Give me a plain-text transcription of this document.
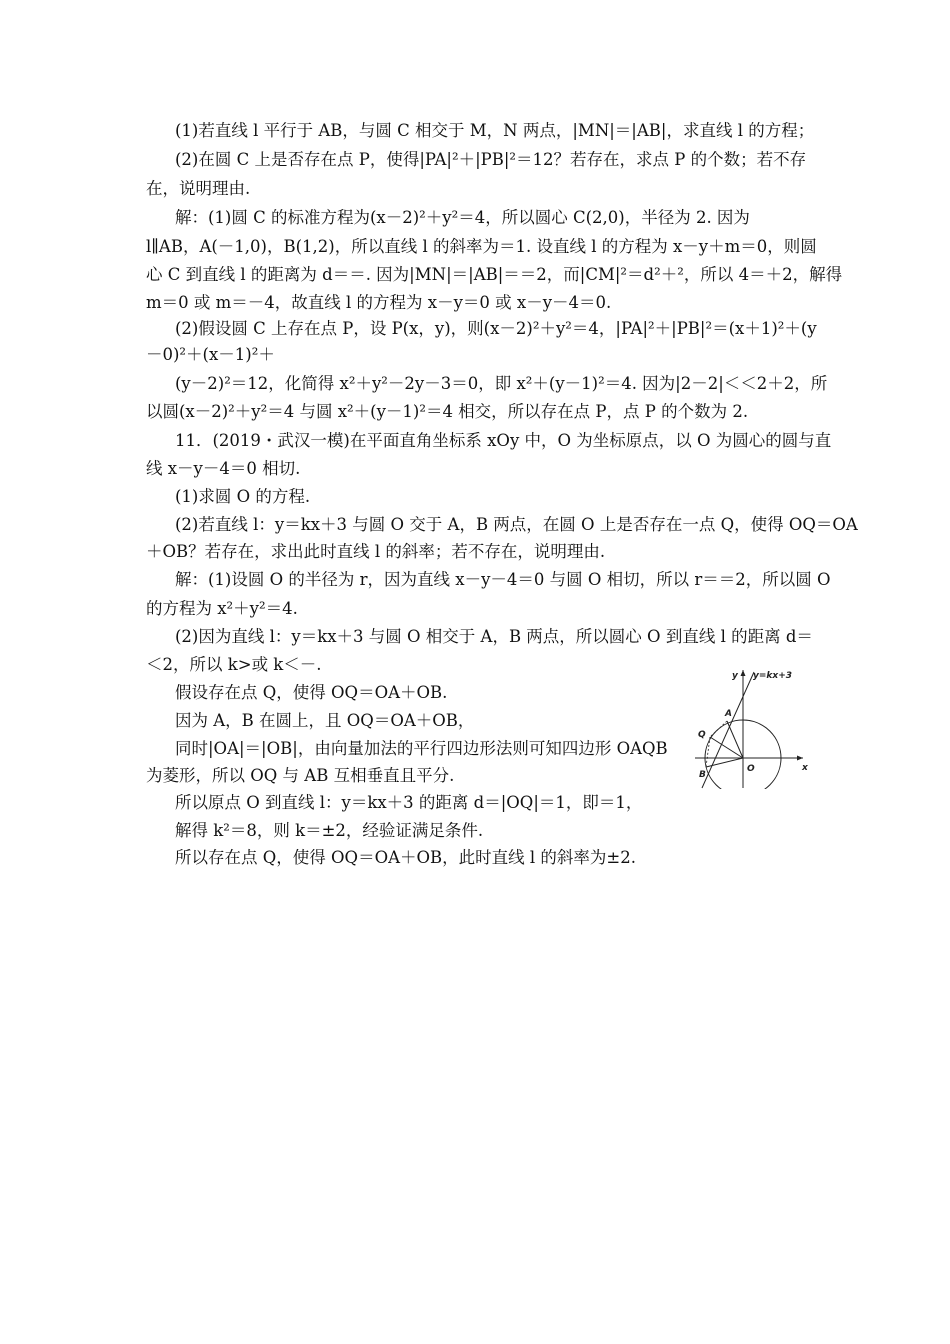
(1)若直线 l 平行于 AB，与圆 C 相交于 M，N 两点，|MN|＝|AB|，求直线 l 的方程；
(2)在圆 C 上是否存在点 P，使得|PA|²＋|PB|²＝12？若存在，求点 P 的个数；若不存
在，说明理由.
解：(1)圆 C 的标准方程为(x－2)²＋y²＝4，所以圆心 C(2,0)，半径为 2. 因为
l∥AB，A(－1,0)，B(1,2)，所以直线 l 的斜率为＝1. 设直线 l 的方程为 x－y＋m＝0，则圆
心 C 到直线 l 的距离为 d＝＝. 因为|MN|＝|AB|＝＝2，而|CM|²＝d²＋²，所以 4＝＋2，解得
m＝0 或 m＝－4，故直线 l 的方程为 x－y＝0 或 x－y－4＝0.
(2)假设圆 C 上存在点 P，设 P(x，y)，则(x－2)²＋y²＝4，|PA|²＋|PB|²＝(x＋1)²＋(y
－0)²＋(x－1)²＋
(y－2)²＝12，化简得 x²＋y²－2y－3＝0，即 x²＋(y－1)²＝4. 因为|2－2|＜＜2＋2，所
以圆(x－2)²＋y²＝4 与圆 x²＋(y－1)²＝4 相交，所以存在点 P，点 P 的个数为 2.
11．(2019・武汉一模)在平面直角坐标系 xOy 中，O 为坐标原点，以 O 为圆心的圆与直
线 x－y－4＝0 相切.
(1)求圆 O 的方程.
(2)若直线 l：y＝kx＋3 与圆 O 交于 A，B 两点，在圆 O 上是否存在一点 Q，使得 OQ＝OA
＋OB？若存在，求出此时直线 l 的斜率；若不存在，说明理由.
解：(1)设圆 O 的半径为 r，因为直线 x－y－4＝0 与圆 O 相切，所以 r＝＝2，所以圆 O
的方程为 x²＋y²＝4.
(2)因为直线 l：y＝kx＋3 与圆 O 相交于 A，B 两点，所以圆心 O 到直线 l 的距离 d＝
＜2，所以 k>或 k＜－.
假设存在点 Q，使得 OQ＝OA＋OB.
因为 A，B 在圆上，且 OQ＝OA＋OB，
同时|OA|＝|OB|，由向量加法的平行四边形法则可知四边形 OAQB
为菱形，所以 OQ 与 AB 互相垂直且平分.
所以原点 O 到直线 l：y＝kx＋3 的距离 d＝|OQ|＝1，即＝1，
解得 k²＝8，则 k＝±2，经验证满足条件.
所以存在点 Q，使得 OQ＝OA＋OB，此时直线 l 的斜率为±2.
y y=kx+3
x
A
Q
O
B
